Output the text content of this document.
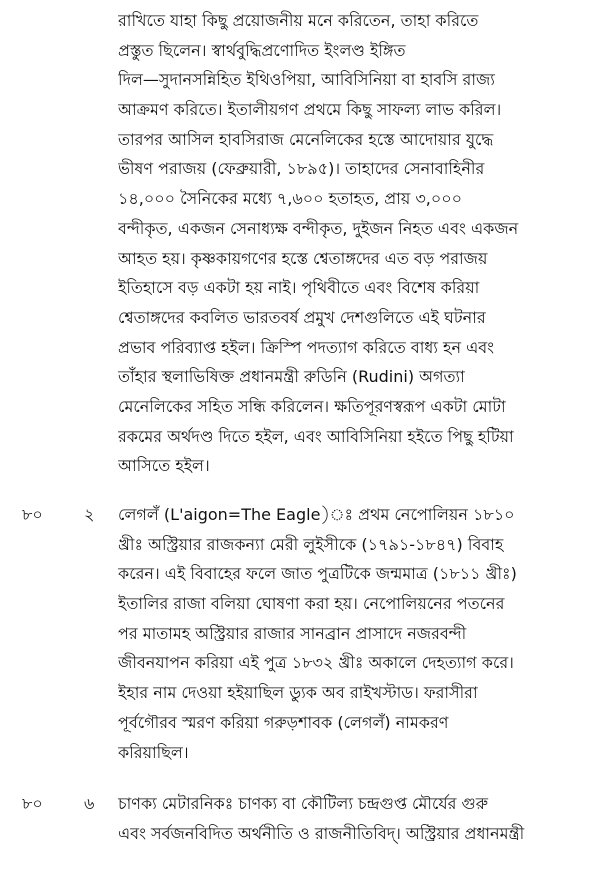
রাখিতে যাহা কিছু প্রয়োজনীয় মনে করিতেন, তাহা করিতে
প্রস্তুত ছিলেন। স্বার্থবুদ্ধিপ্রণোদিত ইংলণ্ড ইঙ্গিত
দিল—সুদানসন্নিহিত ইথিওপিয়া, আবিসিনিয়া বা হাবসি রাজ্য
আক্রমণ করিতে। ইতালীয়গণ প্রথমে কিছু সাফল্য লাভ করিল।
তারপর আসিল হাবসিরাজ মেনেলিকের হস্তে আদোয়ার যুদ্ধে
ভীষণ পরাজয় (ফেব্রুয়ারী, ১৮৯৫)। তাহাদের সেনাবাহিনীর
১৪,০০০ সৈনিকের মধ্যে ৭,৬০০ হতাহত, প্রায় ৩,০০০
বন্দীকৃত, একজন সেনাধ্যক্ষ বন্দীকৃত, দুইজন নিহত এবং একজন
আহত হয়। কৃষ্ণকায়গণের হস্তে শ্বেতাঙ্গদের এত বড় পরাজয়
ইতিহাসে বড় একটা হয় নাই। পৃথিবীতে এবং বিশেষ করিয়া
শ্বেতাঙ্গদের কবলিত ভারতবর্ষ প্রমুখ দেশগুলিতে এই ঘটনার
প্রভাব পরিব্যাপ্ত হইল। ক্রিস্পি পদত্যাগ করিতে বাধ্য হন এবং
তাঁহার স্থলাভিষিক্ত প্রধানমন্ত্রী রুডিনি (Rudini) অগত্যা
মেনেলিকের সহিত সন্ধি করিলেন। ক্ষতিপূরণস্বরূপ একটা মোটা
রকমের অর্থদণ্ড দিতে হইল, এবং আবিসিনিয়া হইতে পিছু হটিয়া
আসিতে হইল।
৮০	২ লেগলঁ (L'aigon=The Eagle)ঃ প্রথম নেপোলিয়ন ১৮১০
খ্রীঃ অস্ট্রিয়ার রাজকন্যা মেরী লুইসীকে (১৭৯১-১৮৪৭) বিবাহ
করেন। এই বিবাহের ফলে জাত পুত্রটিকে জন্মমাত্র (১৮১১ খ্রীঃ)
ইতালির রাজা বলিয়া ঘোষণা করা হয়। নেপোলিয়নের পতনের
পর মাতামহ অস্ট্রিয়ার রাজার সানব্রান প্রাসাদে নজরবন্দী
জীবনযাপন করিয়া এই পুত্র ১৮৩২ খ্রীঃ অকালে দেহত্যাগ করে।
ইহার নাম দেওয়া হইয়াছিল ড্যুক অব রাইখস্টাড। ফরাসীরা
পূর্বগৌরব স্মরণ করিয়া গরুড়শাবক (লেগলঁ) নামকরণ
করিয়াছিল।
৮০	৬ চাণক্য মেটারনিকঃ চাণক্য বা কৌটিল্য চন্দ্রগুপ্ত মৌর্যের গুরু
এবং সর্বজনবিদিত অর্থনীতি ও রাজনীতিবিদ্। অস্ট্রিয়ার প্রধানমন্ত্রী
